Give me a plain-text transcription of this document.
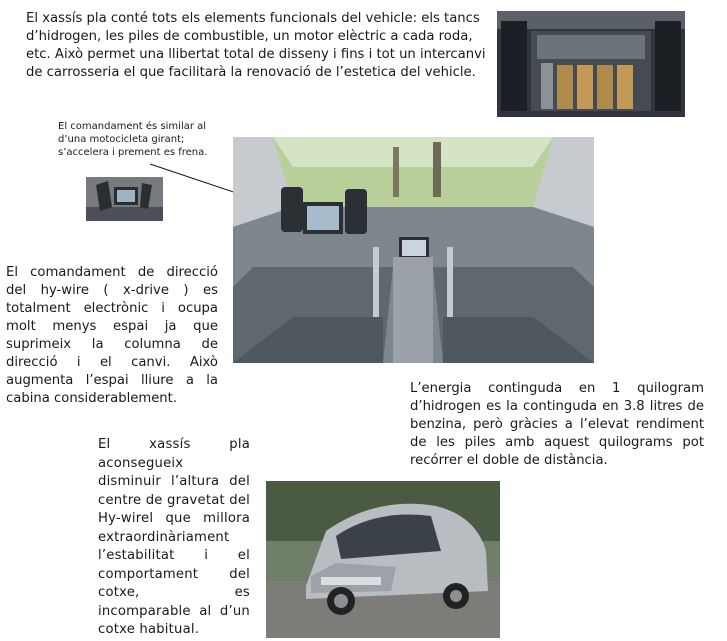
El xassís pla conté tots els elements funcionals del vehicle: els tancs d’hidrogen, les piles de combustible, un motor elèctric a cada roda, etc. Això permet una llibertat total de disseny i fins i tot un intercanvi de carrosseria el que facilitarà la renovació de l’estetica del vehicle.

El comandament és similar al d’una motocicleta girant; s’accelera i prement es frena.

El comandament de direcció del hy-wire ( x-drive ) es totalment electrònic i ocupa molt menys espai ja que suprimeix la columna de direcció i el canvi. Això augmenta l’espai lliure a la cabina considerablement.

L’energia continguda en 1 quilogram d’hidrogen es la continguda en 3.8 litres de benzina, però gràcies a l’elevat rendiment de les piles amb aquest quilograms pot recórrer el doble de distància.

El xassís pla aconsegueix disminuir l’altura del centre de gravetat del Hy-wirel que millora extraordinàriament l’estabilitat i el comportament del cotxe, es incomparable al d’un cotxe habitual.
